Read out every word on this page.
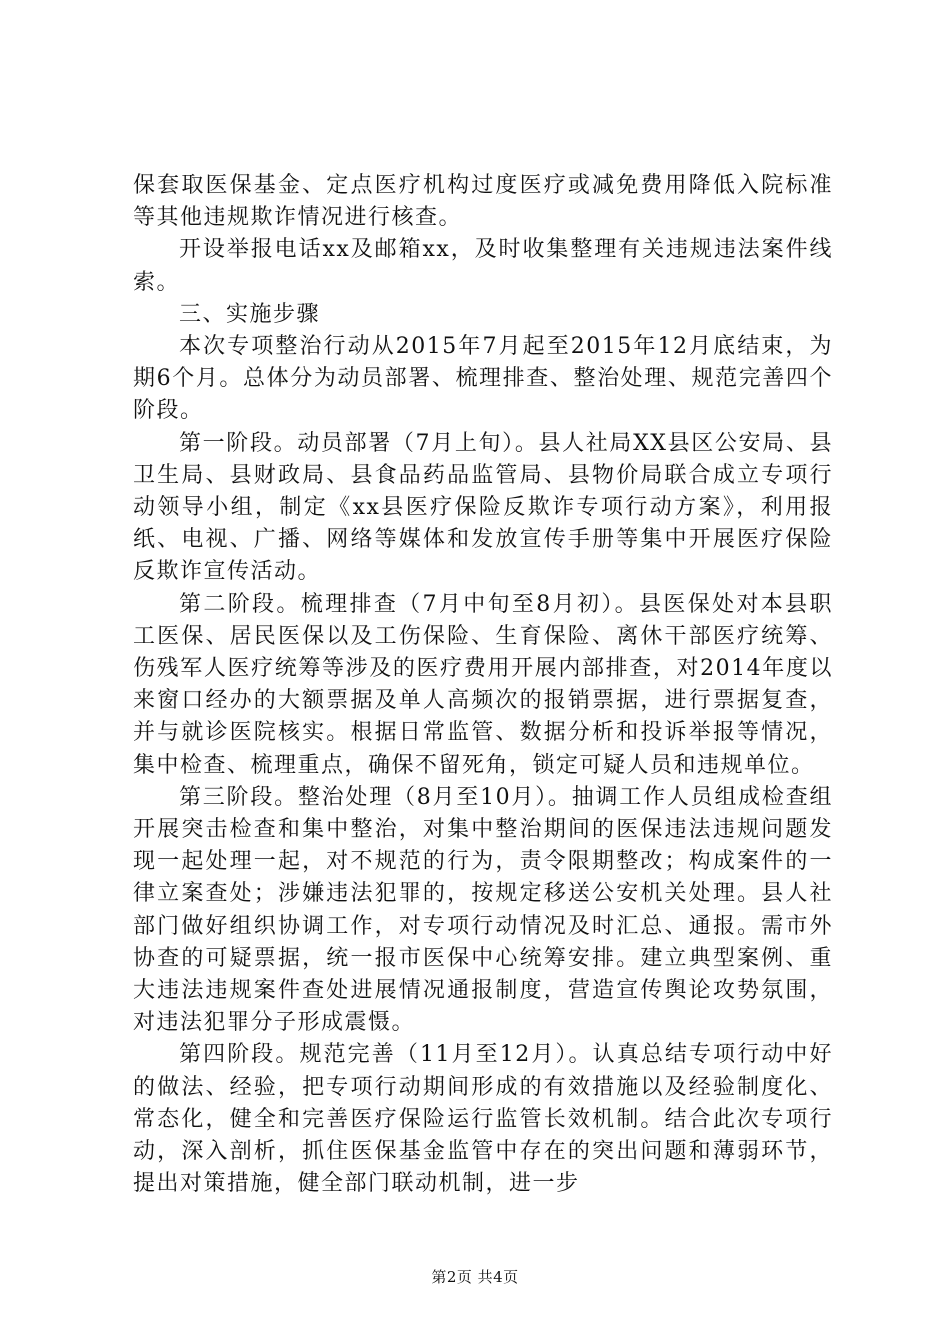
保套取医保基金、定点医疗机构过度医疗或减免费用降低入院标准等其他违规欺诈情况进行核查。

开设举报电话xx及邮箱xx，及时收集整理有关违规违法案件线索。

三、实施步骤

本次专项整治行动从2015年7月起至2015年12月底结束，为期6个月。总体分为动员部署、梳理排查、整治处理、规范完善四个阶段。

第一阶段。动员部署（7月上旬）。县人社局XX县区公安局、县卫生局、县财政局、县食品药品监管局、县物价局联合成立专项行动领导小组，制定《xx县医疗保险反欺诈专项行动方案》，利用报纸、电视、广播、网络等媒体和发放宣传手册等集中开展医疗保险反欺诈宣传活动。

第二阶段。梳理排查（7月中旬至8月初）。县医保处对本县职工医保、居民医保以及工伤保险、生育保险、离休干部医疗统筹、伤残军人医疗统筹等涉及的医疗费用开展内部排查，对2014年度以来窗口经办的大额票据及单人高频次的报销票据，进行票据复查，并与就诊医院核实。根据日常监管、数据分析和投诉举报等情况，集中检查、梳理重点，确保不留死角，锁定可疑人员和违规单位。

第三阶段。整治处理（8月至10月）。抽调工作人员组成检查组开展突击检查和集中整治，对集中整治期间的医保违法违规问题发现一起处理一起，对不规范的行为，责令限期整改；构成案件的一律立案查处；涉嫌违法犯罪的，按规定移送公安机关处理。县人社部门做好组织协调工作，对专项行动情况及时汇总、通报。需市外协查的可疑票据，统一报市医保中心统筹安排。建立典型案例、重大违法违规案件查处进展情况通报制度，营造宣传舆论攻势氛围，对违法犯罪分子形成震慑。

第四阶段。规范完善（11月至12月）。认真总结专项行动中好的做法、经验，把专项行动期间形成的有效措施以及经验制度化、常态化，健全和完善医疗保险运行监管长效机制。结合此次专项行动，深入剖析，抓住医保基金监管中存在的突出问题和薄弱环节，提出对策措施，健全部门联动机制，进一步

第2页 共4页
